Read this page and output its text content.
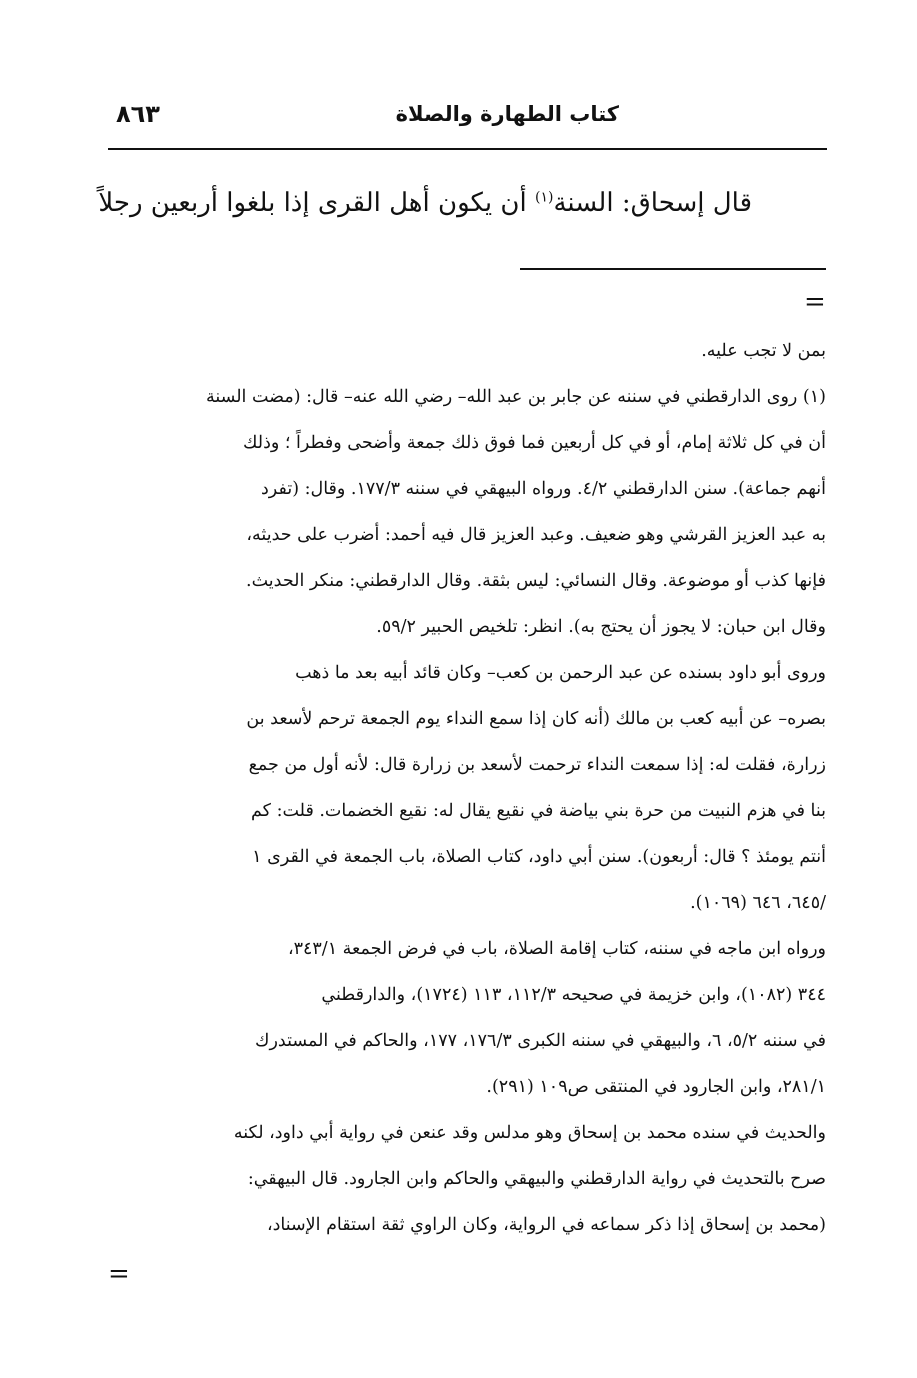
٨٦٣	كتاب الطهارة والصلاة
قال إسحاق: السنة$^{(١)}$ أن يكون أهل القرى إذا بلغوا أربعين رجلاً
=
بمن لا تجب عليه.
(١) روى الدارقطني في سننه عن جابر بن عبد الله– رضي الله عنه– قال: (مضت السنة
أن في كل ثلاثة إمام، أو في كل أربعين فما فوق ذلك جمعة وأضحى وفطراً ؛ وذلك
أنهم جماعة). سنن الدارقطني ٤/٢. ورواه البيهقي في سننه ١٧٧/٣. وقال: (تفرد
به عبد العزيز القرشي وهو ضعيف. وعبد العزيز قال فيه أحمد: أضرب على حديثه،
فإنها كذب أو موضوعة. وقال النسائي: ليس بثقة. وقال الدارقطني: منكر الحديث.
وقال ابن حبان: لا يجوز أن يحتج به). انظر: تلخيص الحبير ٥٩/٢.
وروى أبو داود بسنده عن عبد الرحمن بن كعب– وكان قائد أبيه بعد ما ذهب
بصره– عن أبيه كعب بن مالك (أنه كان إذا سمع النداء يوم الجمعة ترحم لأسعد بن
زرارة، فقلت له: إذا سمعت النداء ترحمت لأسعد بن زرارة قال: لأنه أول من جمع
بنا في هزم النبيت من حرة بني بياضة في نقيع يقال له: نقيع الخضمات. قلت: كم
أنتم يومئذ ؟ قال: أربعون). سنن أبي داود، كتاب الصلاة، باب الجمعة في القرى ١
/٦٤٥، ٦٤٦ (١٠٦٩).
ورواه ابن ماجه في سننه، كتاب إقامة الصلاة، باب في فرض الجمعة ٣٤٣/١،
٣٤٤ (١٠٨٢)، وابن خزيمة في صحيحه ١١٢/٣، ١١٣ (١٧٢٤)، والدارقطني
في سننه ٥/٢، ٦، والبيهقي في سننه الكبرى ١٧٦/٣، ١٧٧، والحاكم في المستدرك
٢٨١/١، وابن الجارود في المنتقى ص١٠٩ (٢٩١).
والحديث في سنده محمد بن إسحاق وهو مدلس وقد عنعن في رواية أبي داود، لكنه
صرح بالتحديث في رواية الدارقطني والبيهقي والحاكم وابن الجارود. قال البيهقي:
(محمد بن إسحاق إذا ذكر سماعه في الرواية، وكان الراوي ثقة استقام الإسناد،
=
